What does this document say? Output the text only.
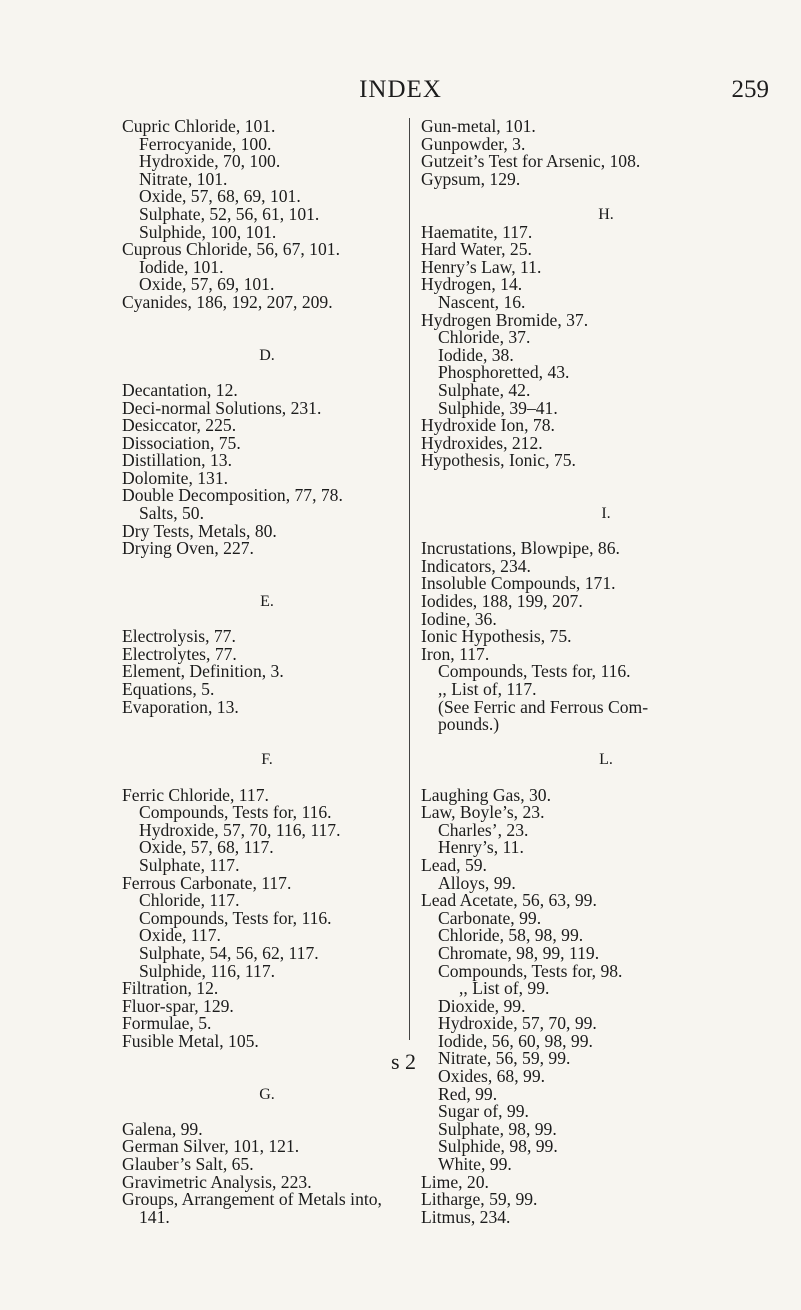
INDEX	259
Cupric Chloride, 101.
Ferrocyanide, 100.
Hydroxide, 70, 100.
Nitrate, 101.
Oxide, 57, 68, 69, 101.
Sulphate, 52, 56, 61, 101.
Sulphide, 100, 101.
Cuprous Chloride, 56, 67, 101.
Iodide, 101.
Oxide, 57, 69, 101.
Cyanides, 186, 192, 207, 209.
D.
Decantation, 12.
Deci-normal Solutions, 231.
Desiccator, 225.
Dissociation, 75.
Distillation, 13.
Dolomite, 131.
Double Decomposition, 77, 78.
Salts, 50.
Dry Tests, Metals, 80.
Drying Oven, 227.
E.
Electrolysis, 77.
Electrolytes, 77.
Element, Definition, 3.
Equations, 5.
Evaporation, 13.
F.
Ferric Chloride, 117.
Compounds, Tests for, 116.
Hydroxide, 57, 70, 116, 117.
Oxide, 57, 68, 117.
Sulphate, 117.
Ferrous Carbonate, 117.
Chloride, 117.
Compounds, Tests for, 116.
Oxide, 117.
Sulphate, 54, 56, 62, 117.
Sulphide, 116, 117.
Filtration, 12.
Fluor-spar, 129.
Formulae, 5.
Fusible Metal, 105.
G.
Galena, 99.
German Silver, 101, 121.
Glauber’s Salt, 65.
Gravimetric Analysis, 223.
Groups, Arrangement of Metals into,
141.
Gun-metal, 101.
Gunpowder, 3.
Gutzeit’s Test for Arsenic, 108.
Gypsum, 129.
H.
Haematite, 117.
Hard Water, 25.
Henry’s Law, 11.
Hydrogen, 14.
Nascent, 16.
Hydrogen Bromide, 37.
Chloride, 37.
Iodide, 38.
Phosphoretted, 43.
Sulphate, 42.
Sulphide, 39–41.
Hydroxide Ion, 78.
Hydroxides, 212.
Hypothesis, Ionic, 75.
I.
Incrustations, Blowpipe, 86.
Indicators, 234.
Insoluble Compounds, 171.
Iodides, 188, 199, 207.
Iodine, 36.
Ionic Hypothesis, 75.
Iron, 117.
Compounds, Tests for, 116.
,, List of, 117.
(See Ferric and Ferrous Com-
pounds.)
L.
Laughing Gas, 30.
Law, Boyle’s, 23.
Charles’, 23.
Henry’s, 11.
Lead, 59.
Alloys, 99.
Lead Acetate, 56, 63, 99.
Carbonate, 99.
Chloride, 58, 98, 99.
Chromate, 98, 99, 119.
Compounds, Tests for, 98.
,, List of, 99.
Dioxide, 99.
Hydroxide, 57, 70, 99.
Iodide, 56, 60, 98, 99.
Nitrate, 56, 59, 99.
Oxides, 68, 99.
Red, 99.
Sugar of, 99.
Sulphate, 98, 99.
Sulphide, 98, 99.
White, 99.
Lime, 20.
Litharge, 59, 99.
Litmus, 234.
s 2
